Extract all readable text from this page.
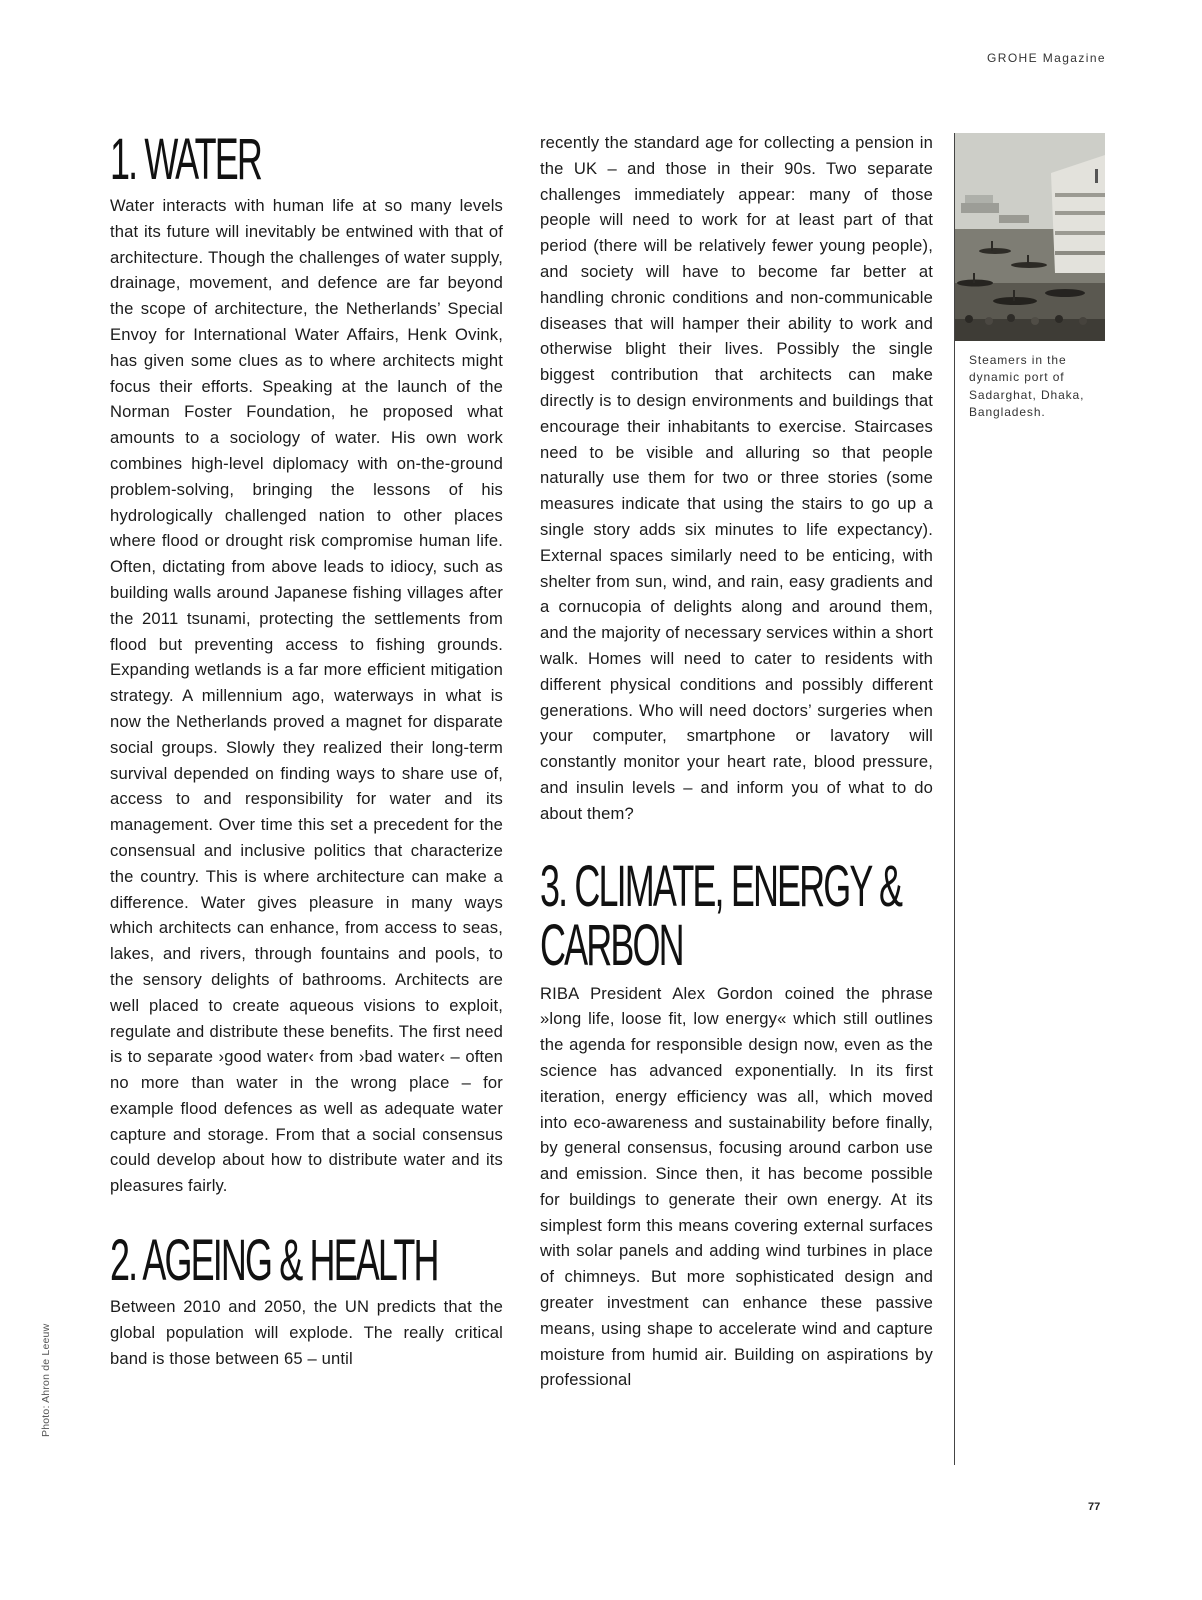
GROHE Magazine
1. WATER

Water interacts with human life at so many levels that its future will inevitably be entwined with that of architecture. Though the challenges of water supply, drainage, movement, and defence are far beyond the scope of architecture, the Netherlands’ Special Envoy for International Water Affairs, Henk Ovink, has given some clues as to where architects might focus their efforts. Speaking at the launch of the Norman Foster Foundation, he proposed what amounts to a sociology of water. His own work combines high-level diplomacy with on-the-ground problem-solving, bringing the lessons of his hydrologically challenged nation to other places where flood or drought risk compromise human life. Often, dictating from above leads to idiocy, such as building walls around Japanese fishing villages after the 2011 tsunami, protecting the settlements from flood but preventing access to fishing grounds. Expanding wetlands is a far more efficient mitigation strategy. A millennium ago, waterways in what is now the Netherlands proved a magnet for disparate social groups. Slowly they realized their long-term survival depended on finding ways to share use of, access to and responsibility for water and its management. Over time this set a precedent for the consensual and inclusive politics that characterize the country. This is where architecture can make a difference. Water gives pleasure in many ways which architects can enhance, from access to seas, lakes, and rivers, through fountains and pools, to the sensory delights of bathrooms. Architects are well placed to create aqueous visions to exploit, regulate and distribute these benefits. The first need is to separate ›good water‹ from ›bad water‹ – often no more than water in the wrong place – for example flood defences as well as adequate water capture and storage. From that a social consensus could develop about how to distribute water and its pleasures fairly.

2. AGEING & HEALTH

Between 2010 and 2050, the UN predicts that the global population will explode. The really critical band is those between 65 – until

recently the standard age for collecting a pension in the UK – and those in their 90s. Two separate challenges immediately appear: many of those people will need to work for at least part of that period (there will be relatively fewer young people), and society will have to become far better at handling chronic conditions and non-communicable diseases that will hamper their ability to work and otherwise blight their lives. Possibly the single biggest contribution that architects can make directly is to design environments and buildings that encourage their inhabitants to exercise. Staircases need to be visible and alluring so that people naturally use them for two or three stories (some measures indicate that using the stairs to go up a single story adds six minutes to life expectancy). External spaces similarly need to be enticing, with shelter from sun, wind, and rain, easy gradients and a cornucopia of delights along and around them, and the majority of necessary services within a short walk. Homes will need to cater to residents with different physical conditions and possibly different generations. Who will need doctors’ surgeries when your computer, smartphone or lavatory will constantly monitor your heart rate, blood pressure, and insulin levels – and inform you of what to do about them?

3. CLIMATE, ENERGY & CARBON

RIBA President Alex Gordon coined the phrase »long life, loose fit, low energy« which still outlines the agenda for responsible design now, even as the science has advanced exponentially. In its first iteration, energy efficiency was all, which moved into eco-awareness and sustainability before finally, by general consensus, focusing around carbon use and emission. Since then, it has become possible for buildings to generate their own energy. At its simplest form this means covering external surfaces with solar panels and adding wind turbines in place of chimneys. But more sophisticated design and greater investment can enhance these passive means, using shape to accelerate wind and capture moisture from humid air. Building on aspirations by professional

Steamers in the dynamic port of Sadarghat, Dhaka, Bangladesh.
Photo: Ahron de Leeuw
77
